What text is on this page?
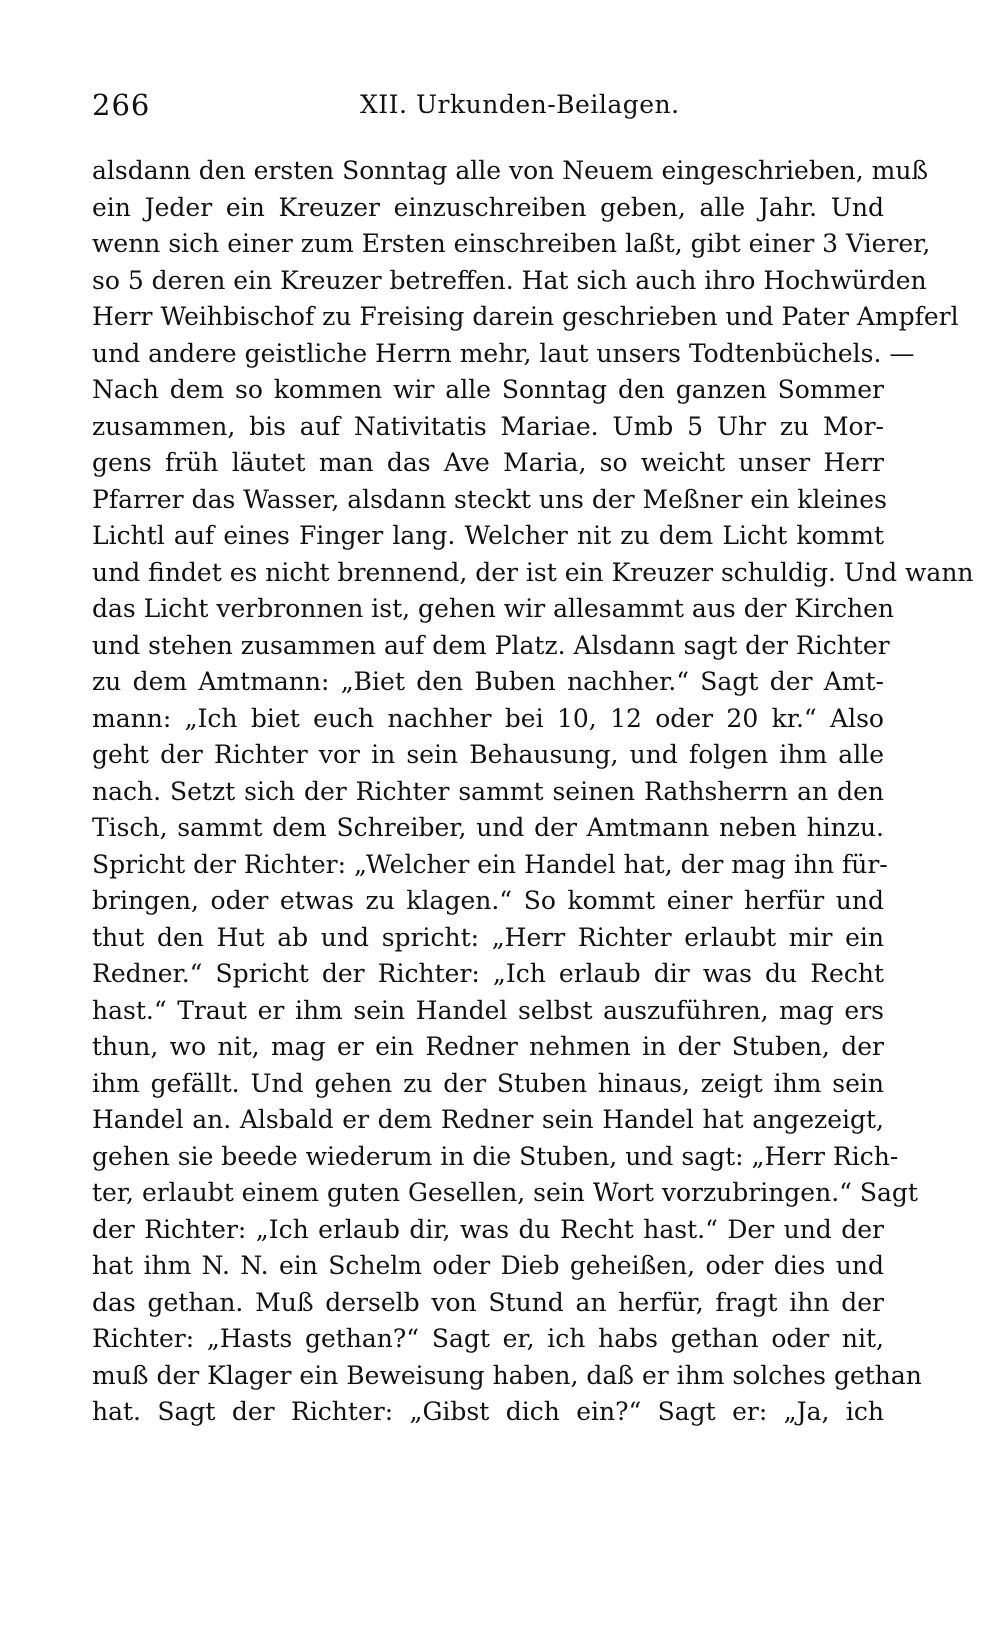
266	XII. Urkunden-Beilagen.
alsdann den ersten Sonntag alle von Neuem eingeschrieben, muß
ein Jeder ein Kreuzer einzuschreiben geben, alle Jahr. Und
wenn sich einer zum Ersten einschreiben laßt, gibt einer 3 Vierer,
so 5 deren ein Kreuzer betreffen. Hat sich auch ihro Hochwürden
Herr Weihbischof zu Freising darein geschrieben und Pater Ampferl
und andere geistliche Herrn mehr, laut unsers Todtenbüchels. —
Nach dem so kommen wir alle Sonntag den ganzen Sommer
zusammen, bis auf Nativitatis Mariae. Umb 5 Uhr zu Mor-
gens früh läutet man das Ave Maria, so weicht unser Herr
Pfarrer das Wasser, alsdann steckt uns der Meßner ein kleines
Lichtl auf eines Finger lang. Welcher nit zu dem Licht kommt
und findet es nicht brennend, der ist ein Kreuzer schuldig. Und wann
das Licht verbronnen ist, gehen wir allesammt aus der Kirchen
und stehen zusammen auf dem Platz. Alsdann sagt der Richter
zu dem Amtmann: „Biet den Buben nachher.“ Sagt der Amt-
mann: „Ich biet euch nachher bei 10, 12 oder 20 kr.“ Also
geht der Richter vor in sein Behausung, und folgen ihm alle
nach. Setzt sich der Richter sammt seinen Rathsherrn an den
Tisch, sammt dem Schreiber, und der Amtmann neben hinzu.
Spricht der Richter: „Welcher ein Handel hat, der mag ihn für-
bringen, oder etwas zu klagen.“ So kommt einer herfür und
thut den Hut ab und spricht: „Herr Richter erlaubt mir ein
Redner.“ Spricht der Richter: „Ich erlaub dir was du Recht
hast.“ Traut er ihm sein Handel selbst auszuführen, mag ers
thun, wo nit, mag er ein Redner nehmen in der Stuben, der
ihm gefällt. Und gehen zu der Stuben hinaus, zeigt ihm sein
Handel an. Alsbald er dem Redner sein Handel hat angezeigt,
gehen sie beede wiederum in die Stuben, und sagt: „Herr Rich-
ter, erlaubt einem guten Gesellen, sein Wort vorzubringen.“ Sagt
der Richter: „Ich erlaub dir, was du Recht hast.“ Der und der
hat ihm N. N. ein Schelm oder Dieb geheißen, oder dies und
das gethan. Muß derselb von Stund an herfür, fragt ihn der
Richter: „Hasts gethan?“ Sagt er, ich habs gethan oder nit,
muß der Klager ein Beweisung haben, daß er ihm solches gethan
hat. Sagt der Richter: „Gibst dich ein?“ Sagt er: „Ja, ich
